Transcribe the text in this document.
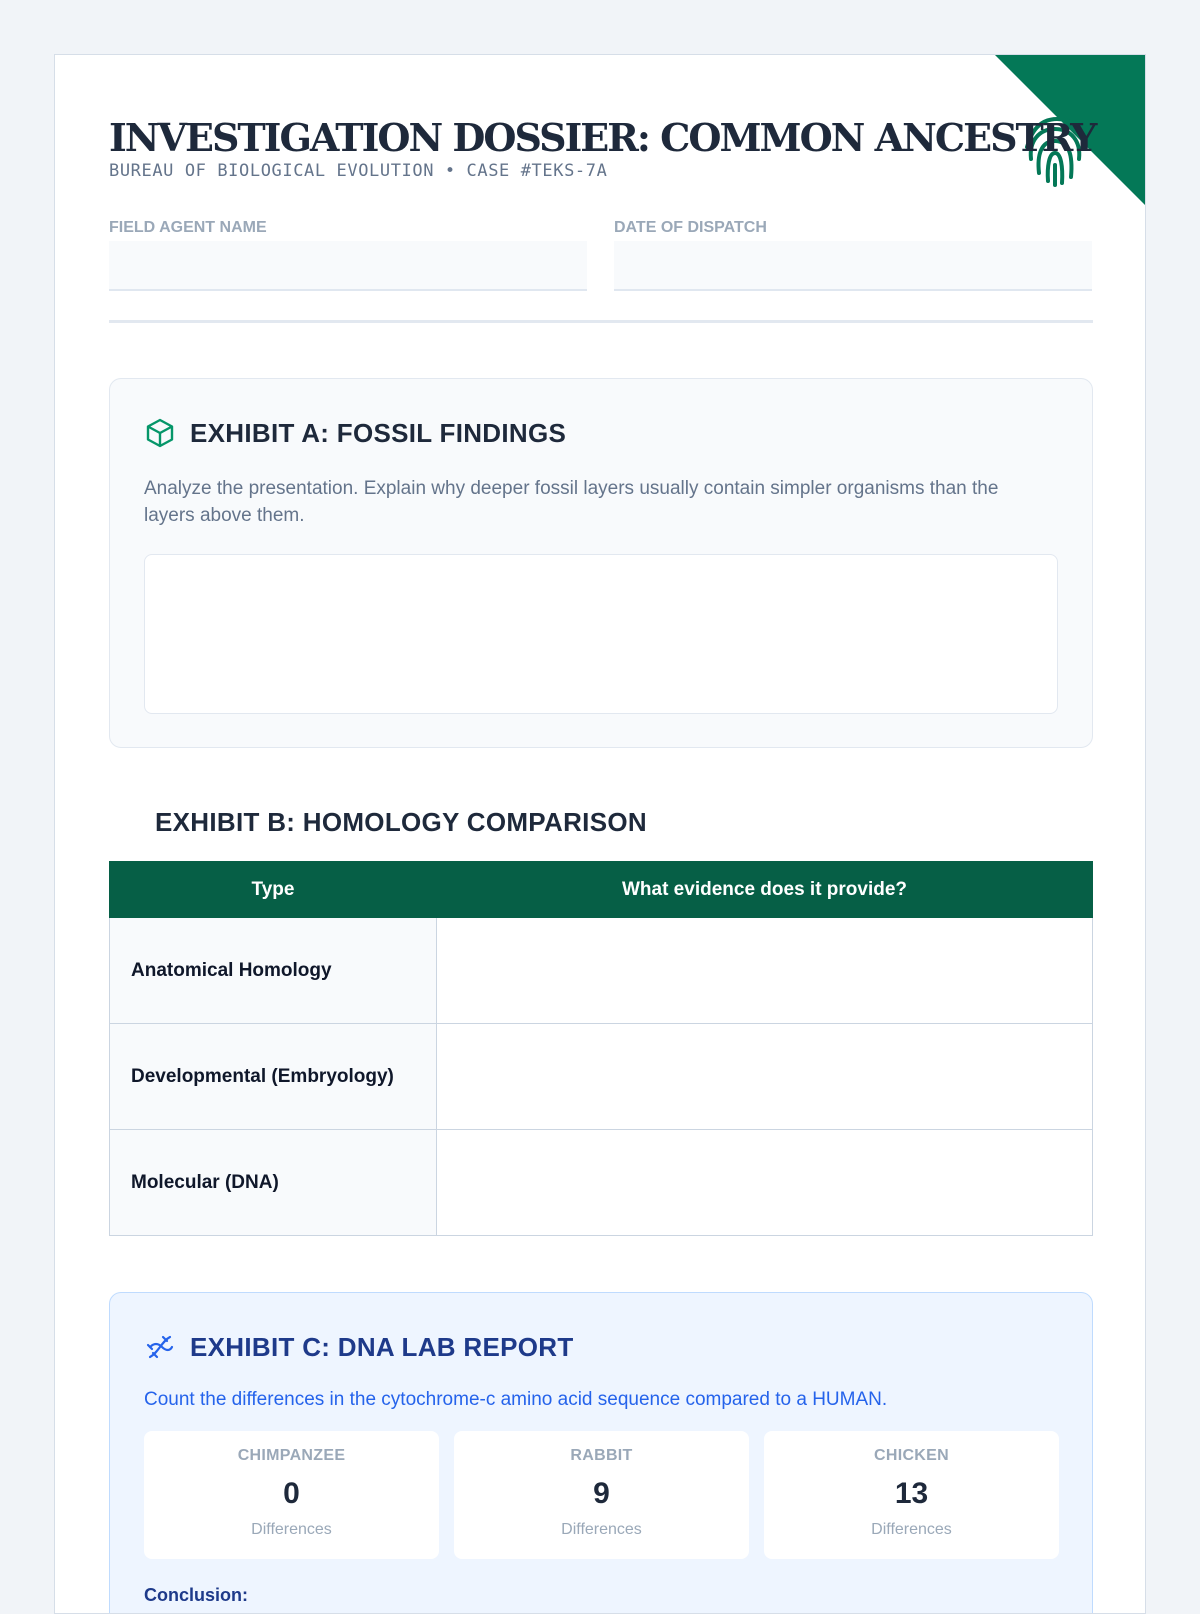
INVESTIGATION DOSSIER: COMMON ANCESTRY
BUREAU OF BIOLOGICAL EVOLUTION • CASE #TEKS-7A
FIELD AGENT NAME	DATE OF DISPATCH
EXHIBIT A: FOSSIL FINDINGS

Analyze the presentation. Explain why deeper fossil layers usually contain simpler organisms than the layers above them.

EXHIBIT B: HOMOLOGY COMPARISON
Type	What evidence does it provide?
Anatomical Homology	
Developmental (Embryology)	
Molecular (DNA)	
EXHIBIT C: DNA LAB REPORT

Count the differences in the cytochrome-c amino acid sequence compared to a HUMAN.

CHIMPANZEE
0
Differences
RABBIT
9
Differences
CHICKEN
13
Differences
Conclusion:
